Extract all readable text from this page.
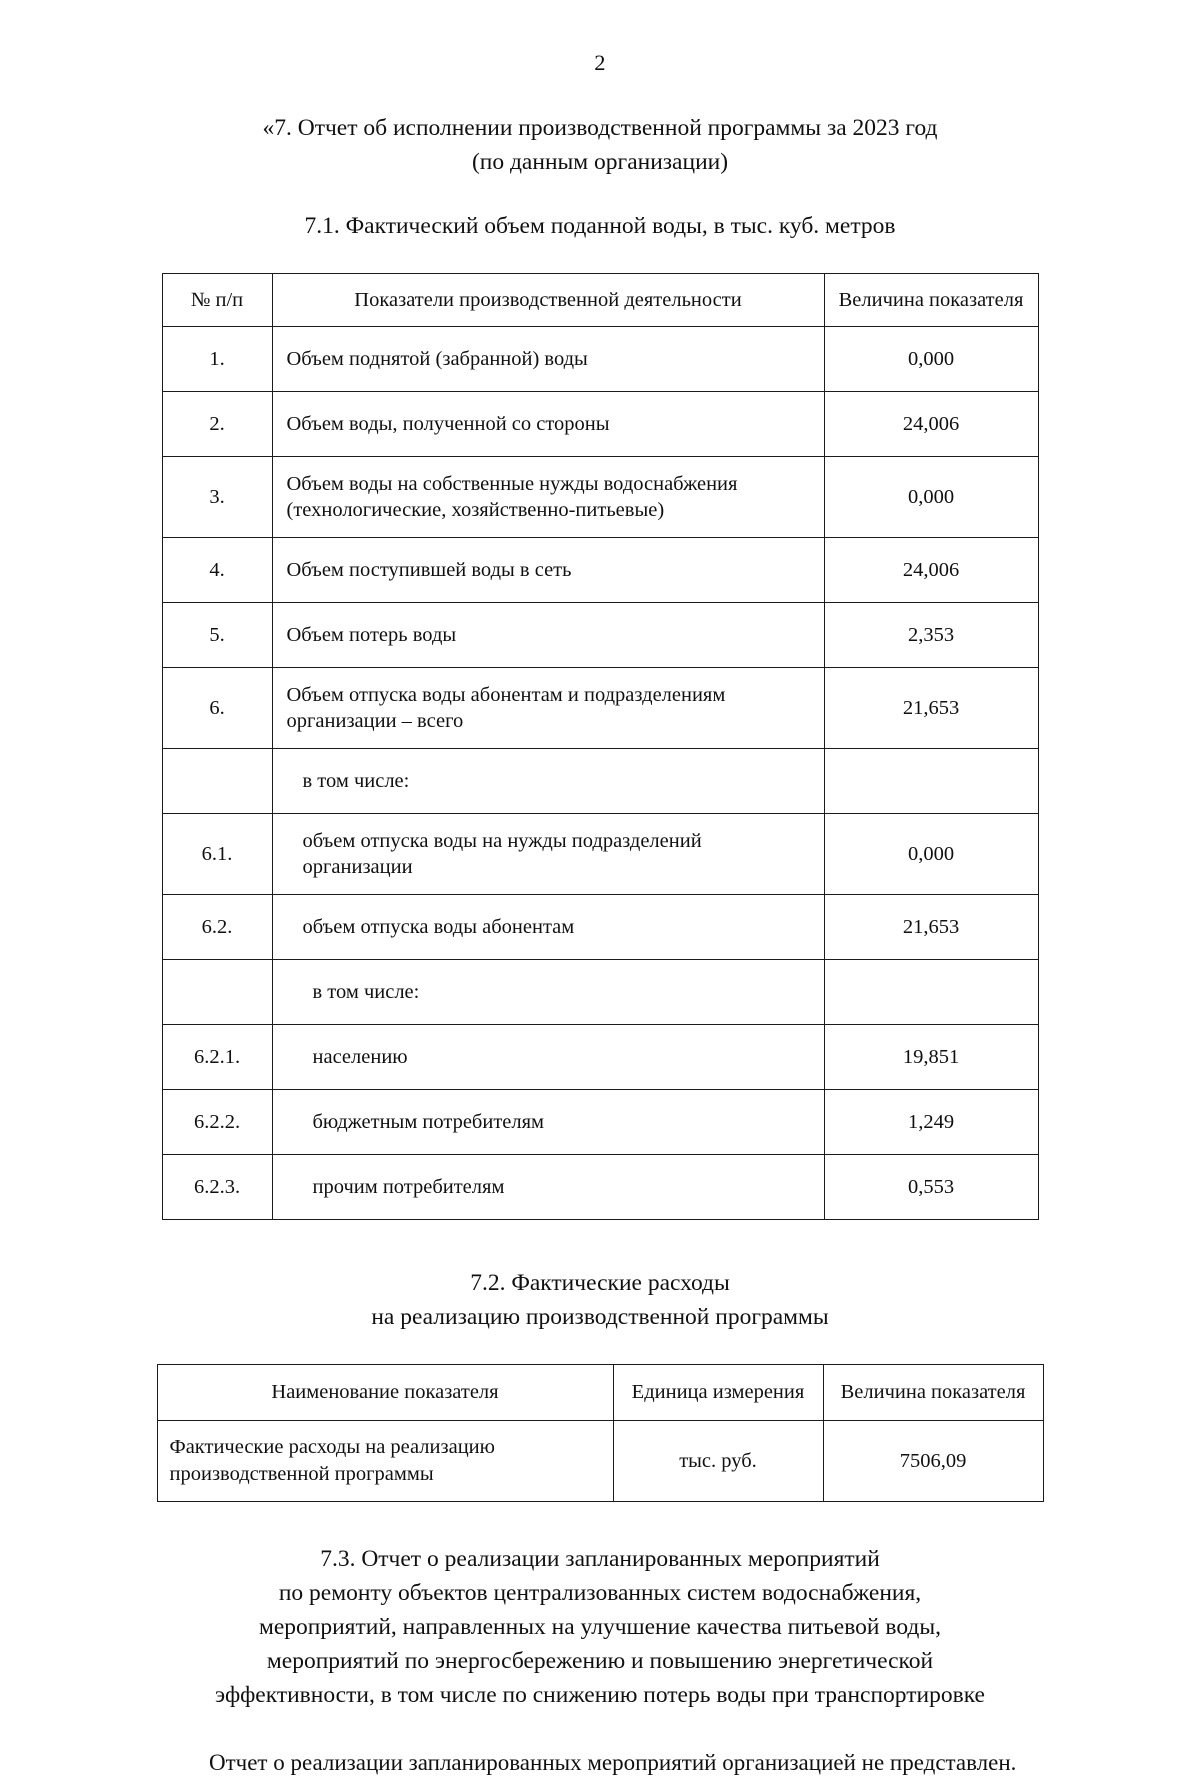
2
«7. Отчет об исполнении производственной программы за 2023 год
(по данным организации)
7.1. Фактический объем поданной воды, в тыс. куб. метров
№ п/п	Показатели производственной деятельности	Величина показателя
1.	Объем поднятой (забранной) воды	0,000
2.	Объем воды, полученной со стороны	24,006
3.	Объем воды на собственные нужды водоснабжения
(технологические, хозяйственно-питьевые)	0,000
4.	Объем поступившей воды в сеть	24,006
5.	Объем потерь воды	2,353
6.	Объем отпуска воды абонентам и подразделениям
организации – всего	21,653
	в том числе:	
6.1.	объем отпуска воды на нужды подразделений
организации	0,000
6.2.	объем отпуска воды абонентам	21,653
	в том числе:	
6.2.1.	населению	19,851
6.2.2.	бюджетным потребителям	1,249
6.2.3.	прочим потребителям	0,553
7.2. Фактические расходы
на реализацию производственной программы
Наименование показателя	Единица измерения	Величина показателя

Фактические расходы на реализацию
производственной программы	тыс. руб.	7506,09
7.3. Отчет о реализации запланированных мероприятий
по ремонту объектов централизованных систем водоснабжения,
мероприятий, направленных на улучшение качества питьевой воды,
мероприятий по энергосбережению и повышению энергетической
эффективности, в том числе по снижению потерь воды при транспортировке
Отчет о реализации запланированных мероприятий организацией не представлен.
